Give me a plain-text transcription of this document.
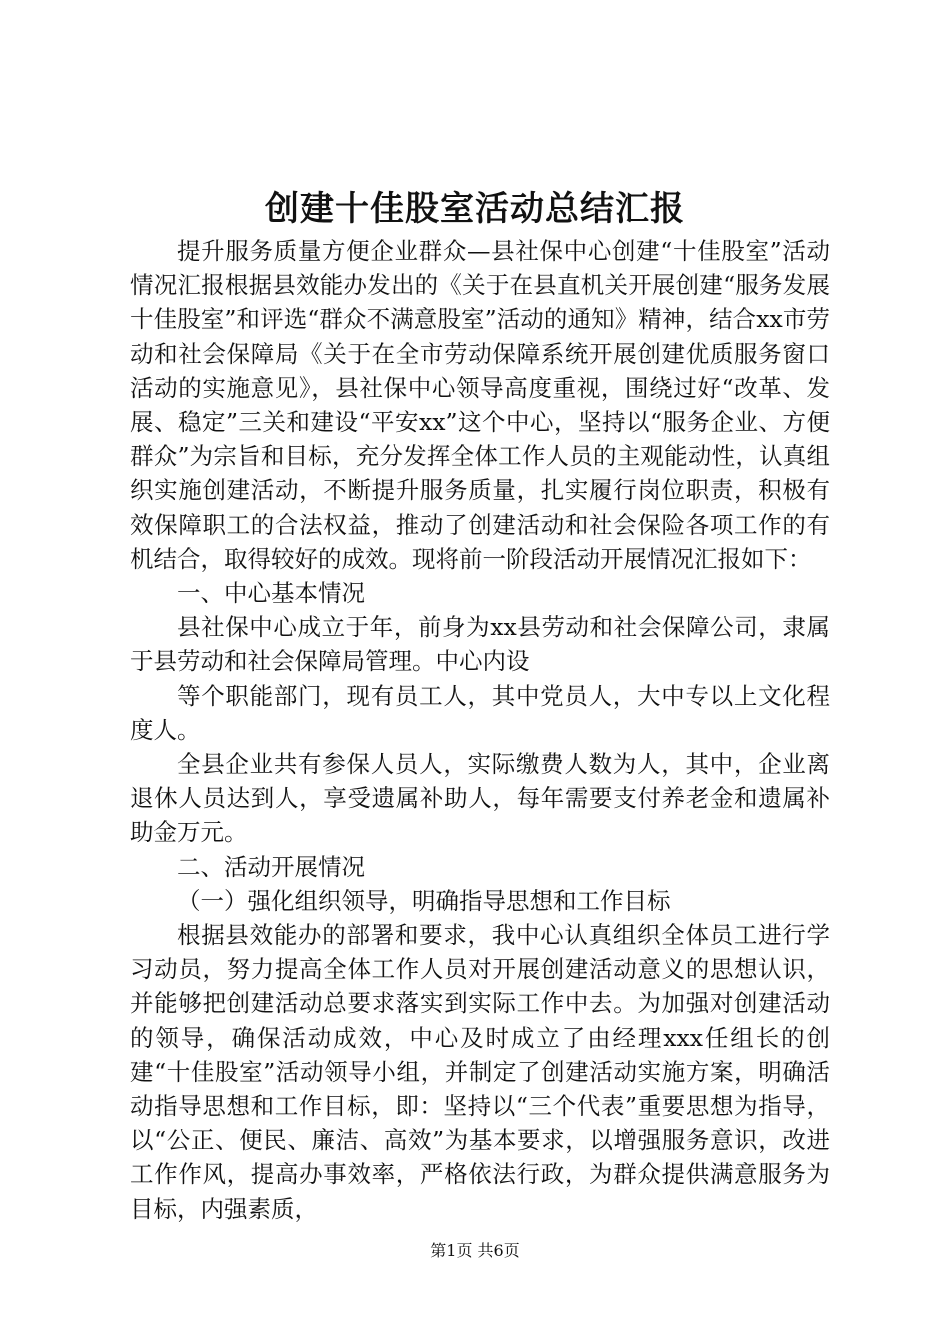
创建十佳股室活动总结汇报

提升服务质量方便企业群众—县社保中心创建“十佳股室”活动情况汇报根据县效能办发出的《关于在县直机关开展创建“服务发展十佳股室”和评选“群众不满意股室”活动的通知》精神，结合xx市劳动和社会保障局《关于在全市劳动保障系统开展创建优质服务窗口活动的实施意见》，县社保中心领导高度重视，围绕过好“改革、发展、稳定”三关和建设“平安xx”这个中心，坚持以“服务企业、方便群众”为宗旨和目标，充分发挥全体工作人员的主观能动性，认真组织实施创建活动，不断提升服务质量，扎实履行岗位职责，积极有效保障职工的合法权益，推动了创建活动和社会保险各项工作的有机结合，取得较好的成效。现将前一阶段活动开展情况汇报如下：

一、中心基本情况

县社保中心成立于年，前身为xx县劳动和社会保障公司，隶属于县劳动和社会保障局管理。中心内设

等个职能部门，现有员工人，其中党员人，大中专以上文化程度人。

全县企业共有参保人员人，实际缴费人数为人，其中，企业离退休人员达到人，享受遗属补助人，每年需要支付养老金和遗属补助金万元。

二、活动开展情况

（一）强化组织领导，明确指导思想和工作目标

根据县效能办的部署和要求，我中心认真组织全体员工进行学习动员，努力提高全体工作人员对开展创建活动意义的思想认识，并能够把创建活动总要求落实到实际工作中去。为加强对创建活动的领导，确保活动成效，中心及时成立了由经理xxx任组长的创建“十佳股室”活动领导小组，并制定了创建活动实施方案，明确活动指导思想和工作目标，即：坚持以“三个代表”重要思想为指导，以“公正、便民、廉洁、高效”为基本要求，以增强服务意识，改进工作作风，提高办事效率，严格依法行政，为群众提供满意服务为目标，内强素质，

第1页 共6页
